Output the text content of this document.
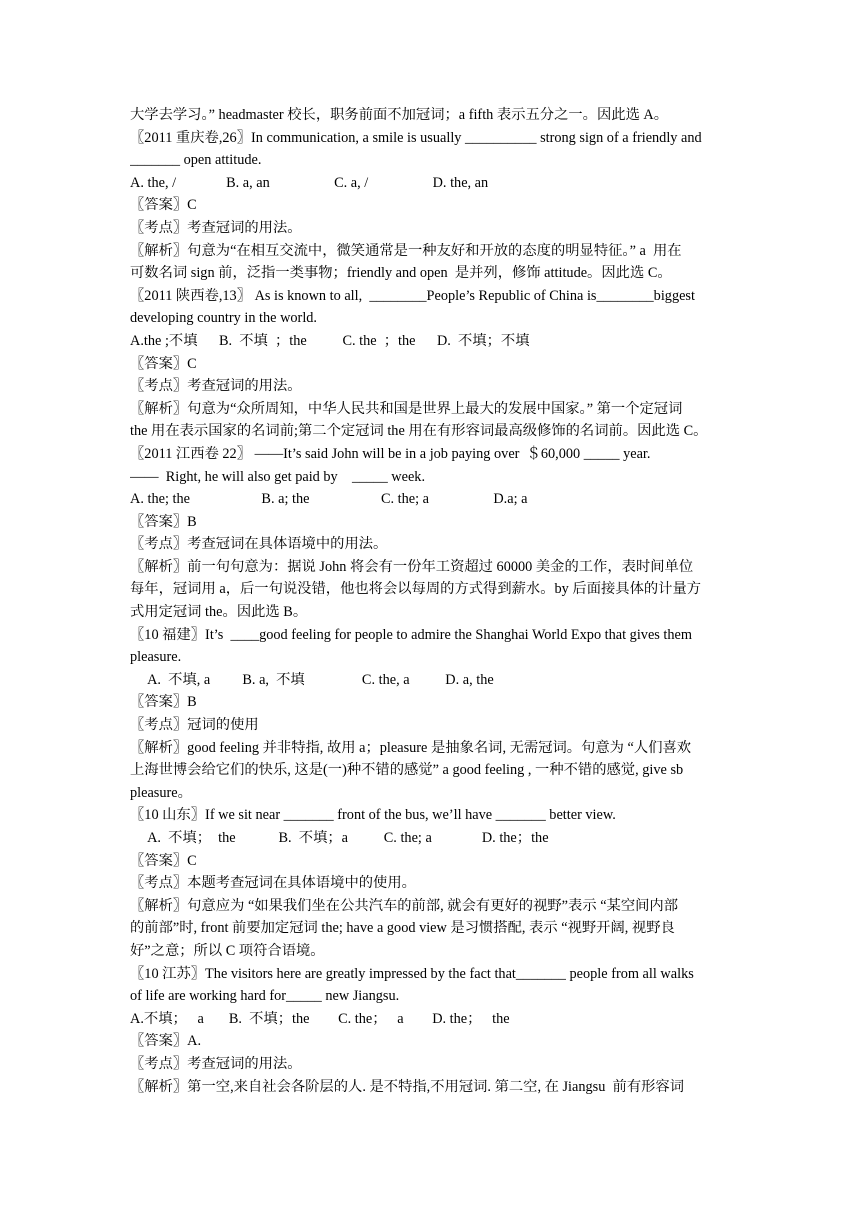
大学去学习。” headmaster 校长，职务前面不加冠词；a fifth 表示五分之一。因此选 A。
〖2011 重庆卷,26〗In communication, a smile is usually __________ strong sign of a friendly and
_______ open attitude.
A. the, /              B. a, an                  C. a, /                  D. the, an
〖答案〗C
〖考点〗考查冠词的用法。
〖解析〗句意为“在相互交流中，微笑通常是一种友好和开放的态度的明显特征。” a  用在
可数名词 sign 前，泛指一类事物；friendly and open  是并列，修饰 attitude。因此选 C。
〖2011 陕西卷,13〗 As is known to all,  ________People’s Republic of China is________biggest
developing country in the world.
A.the ;不填      B.  不填  ；the          C. the  ；the      D.  不填；不填
〖答案〗C
〖考点〗考查冠词的用法。
〖解析〗句意为“众所周知，中华人民共和国是世界上最大的发展中国家。” 第一个定冠词
the 用在表示国家的名词前;第二个定冠词 the 用在有形容词最高级修饰的名词前。因此选 C。
〖2011 江西卷 22〗 ——It’s said John will be in a job paying over  ＄60,000 _____ year.
——  Right, he will also get paid by    _____ week.
A. the; the                    B. a; the                    C. the; a                  D.a; a
〖答案〗B
〖考点〗考查冠词在具体语境中的用法。
〖解析〗前一句句意为：据说 John 将会有一份年工资超过 60000 美金的工作，表时间单位
每年，冠词用 a，后一句说没错，他也将会以每周的方式得到薪水。by 后面接具体的计量方
式用定冠词 the。因此选 B。
〖10 福建〗It’s  ____good feeling for people to admire the Shanghai World Expo that gives them
pleasure.
A.  不填, a         B. a,  不填                C. the, a          D. a, the
〖答案〗B
〖考点〗冠词的使用
〖解析〗good feeling 并非特指, 故用 a；pleasure 是抽象名词, 无需冠词。句意为 “人们喜欢
上海世博会给它们的快乐, 这是(一)种不错的感觉” a good feeling , 一种不错的感觉, give sb
pleasure。
〖10 山东〗If we sit near _______ front of the bus, we’ll have _______ better view.
A.  不填；  the            B.  不填；a          C. the; a              D. the；the
〖答案〗C
〖考点〗本题考查冠词在具体语境中的使用。
〖解析〗句意应为 “如果我们坐在公共汽车的前部, 就会有更好的视野”表示 “某空间内部
的前部”时, front 前要加定冠词 the; have a good view 是习惯搭配, 表示 “视野开阔, 视野良
好”之意；所以 C 项符合语境。
〖10 江苏〗The visitors here are greatly impressed by the fact that_______ people from all walks
of life are working hard for_____ new Jiangsu.
A.不填；   a       B.  不填；the        C. the；   a        D. the；   the
〖答案〗A.
〖考点〗考查冠词的用法。
〖解析〗第一空,来自社会各阶层的人. 是不特指,不用冠词. 第二空, 在 Jiangsu  前有形容词
